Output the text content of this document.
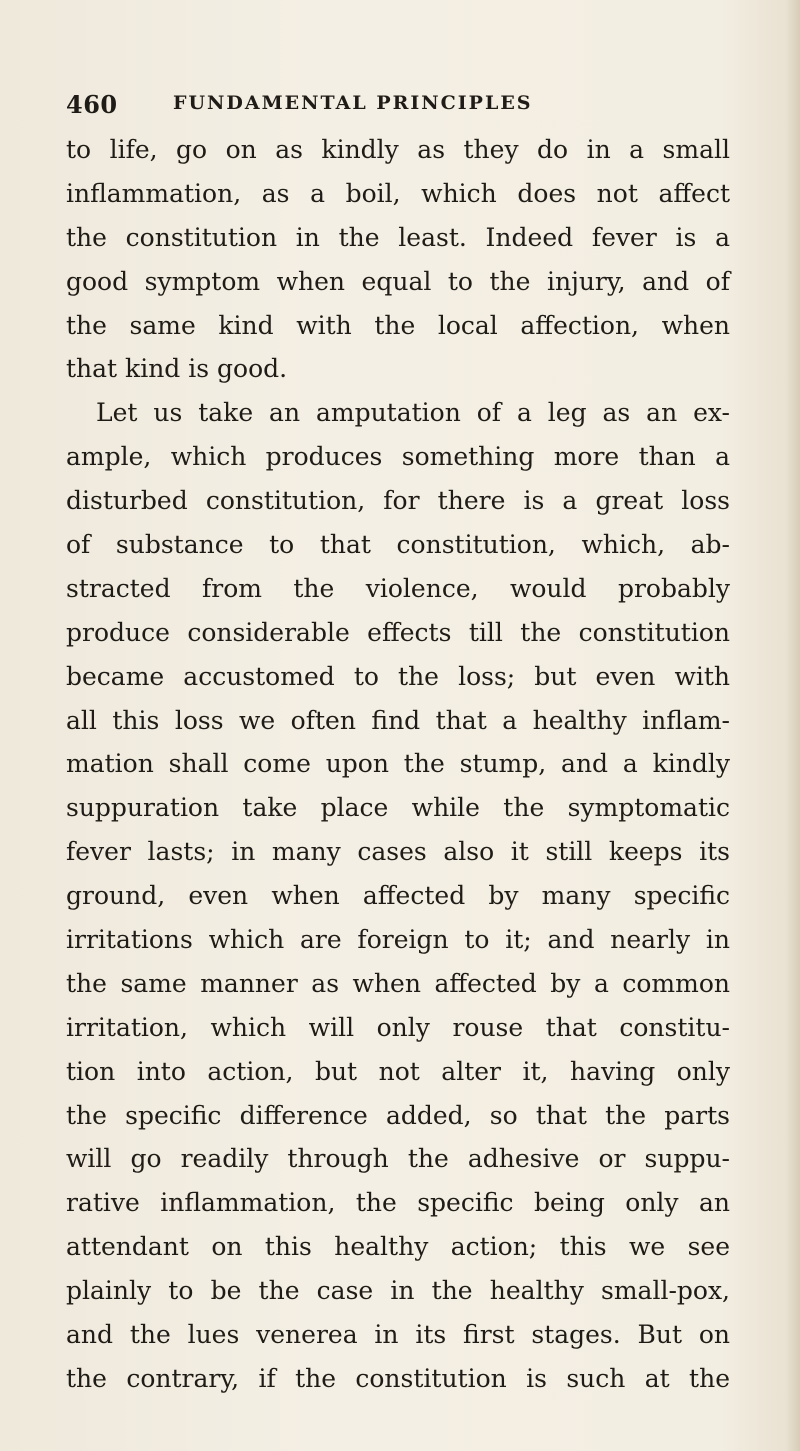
460	FUNDAMENTAL PRINCIPLES
to life, go on as kindly as they do in a small
inflammation, as a boil, which does not affect
the constitution in the least. Indeed fever is a
good symptom when equal to the injury, and of
the same kind with the local affection, when
that kind is good.
Let us take an amputation of a leg as an ex-
ample, which produces something more than a
disturbed constitution, for there is a great loss
of substance to that constitution, which, ab-
stracted from the violence, would probably
produce considerable effects till the constitution
became accustomed to the loss; but even with
all this loss we often find that a healthy inflam-
mation shall come upon the stump, and a kindly
suppuration take place while the symptomatic
fever lasts; in many cases also it still keeps its
ground, even when affected by many specific
irritations which are foreign to it; and nearly in
the same manner as when affected by a common
irritation, which will only rouse that constitu-
tion into action, but not alter it, having only
the specific difference added, so that the parts
will go readily through the adhesive or suppu-
rative inflammation, the specific being only an
attendant on this healthy action; this we see
plainly to be the case in the healthy small-pox,
and the lues venerea in its first stages. But on
the contrary, if the constitution is such at the
